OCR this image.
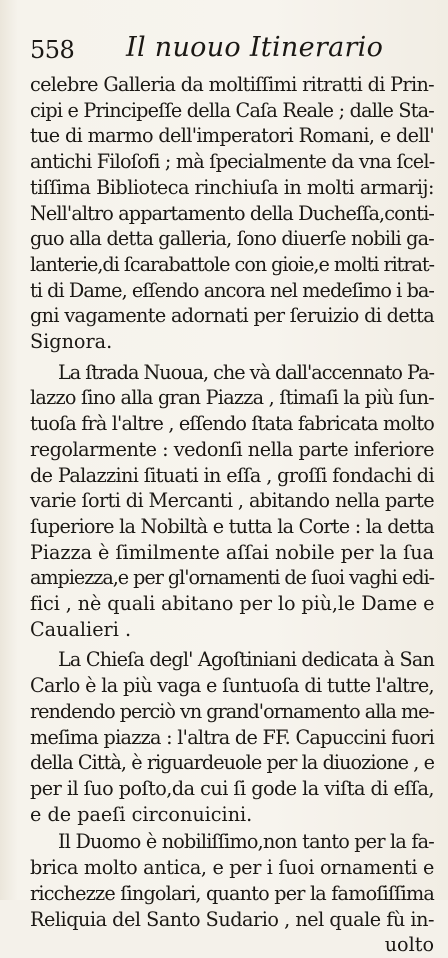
558 Il nuouo Itinerario
celebre Galleria da moltiſſimi ritratti di Prin-
cipi e Principeſſe della Caſa Reale ; dalle Sta-
tue di marmo dell'imperatori Romani, e dell'
antichi Filoſofi ; mà ſpecialmente da vna ſcel-
tiſſima Biblioteca rinchiuſa in molti armarij:
Nell'altro appartamento della Ducheſſa,conti-
guo alla detta galleria, ſono diuerſe nobili ga-
lanterie,di ſcarabattole con gioie,e molti ritrat-
ti di Dame, eſſendo ancora nel medeſimo i ba-
gni vagamente adornati per ſeruizio di detta
Signora.
La ſtrada Nuoua, che và dall'accennato Pa-
lazzo ſino alla gran Piazza , ſtimaſi la più ſun-
tuoſa frà l'altre , eſſendo ſtata fabricata molto
regolarmente : vedonſi nella parte inferiore
de Palazzini ſituati in eſſa , groſſi fondachi di
varie ſorti di Mercanti , abitando nella parte
ſuperiore la Nobiltà e tutta la Corte : la detta
Piazza è ſimilmente aſſai nobile per la ſua
ampiezza,e per gl'ornamenti de ſuoi vaghi edi-
fici , nè quali abitano per lo più,le Dame e
Caualieri .
La Chieſa degl' Agoſtiniani dedicata à San
Carlo è la più vaga e ſuntuoſa di tutte l'altre,
rendendo perciò vn grand'ornamento alla me-
meſima piazza : l'altra de FF. Capuccini fuori
della Città, è riguardeuole per la diuozione , e
per il ſuo poſto,da cui ſi gode la viſta di eſſa,
e de paeſi circonuicini.
Il Duomo è nobiliſſimo,non tanto per la fa-
brica molto antica, e per i ſuoi ornamenti e
ricchezze ſingolari, quanto per la famoſiſſima
Reliquia del Santo Sudario , nel quale fù in-
uolto
